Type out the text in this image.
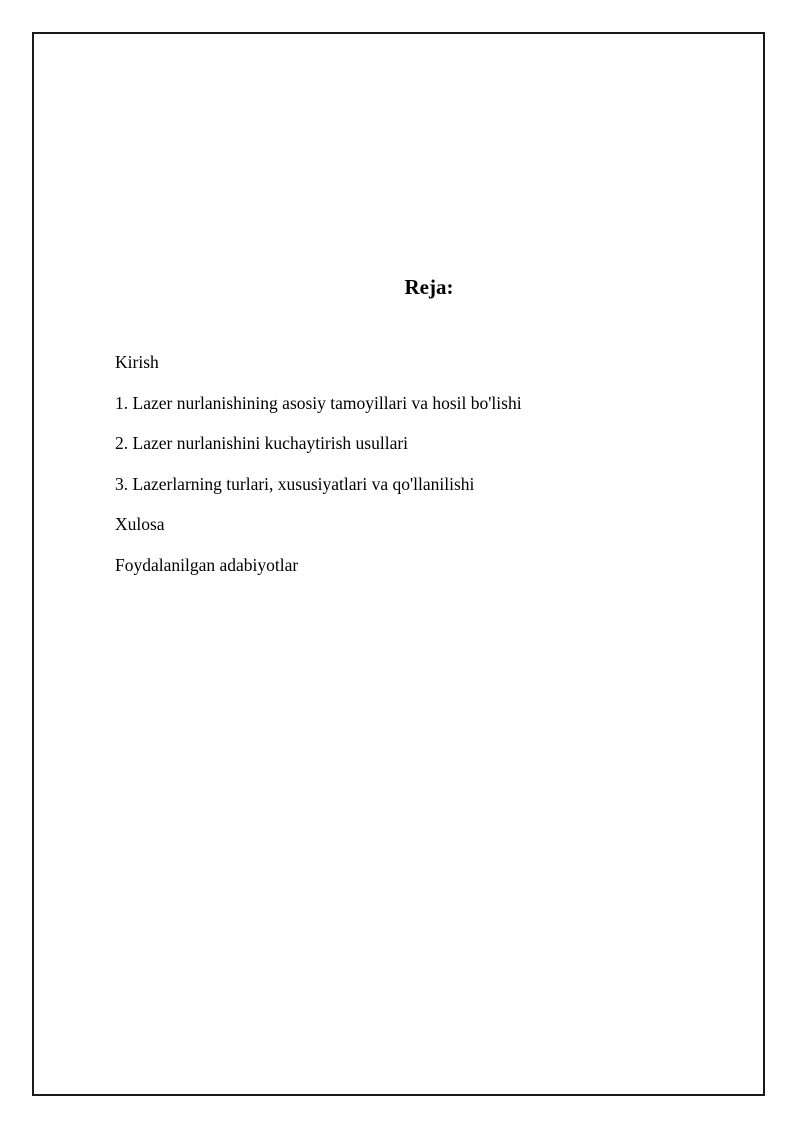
Reja:
Kirish
1. Lazer nurlanishining asosiy tamoyillari va hosil bo'lishi
2. Lazer nurlanishini kuchaytirish usullari
3. Lazerlarning turlari, xususiyatlari va qo'llanilishi
Xulosa
Foydalanilgan adabiyotlar
